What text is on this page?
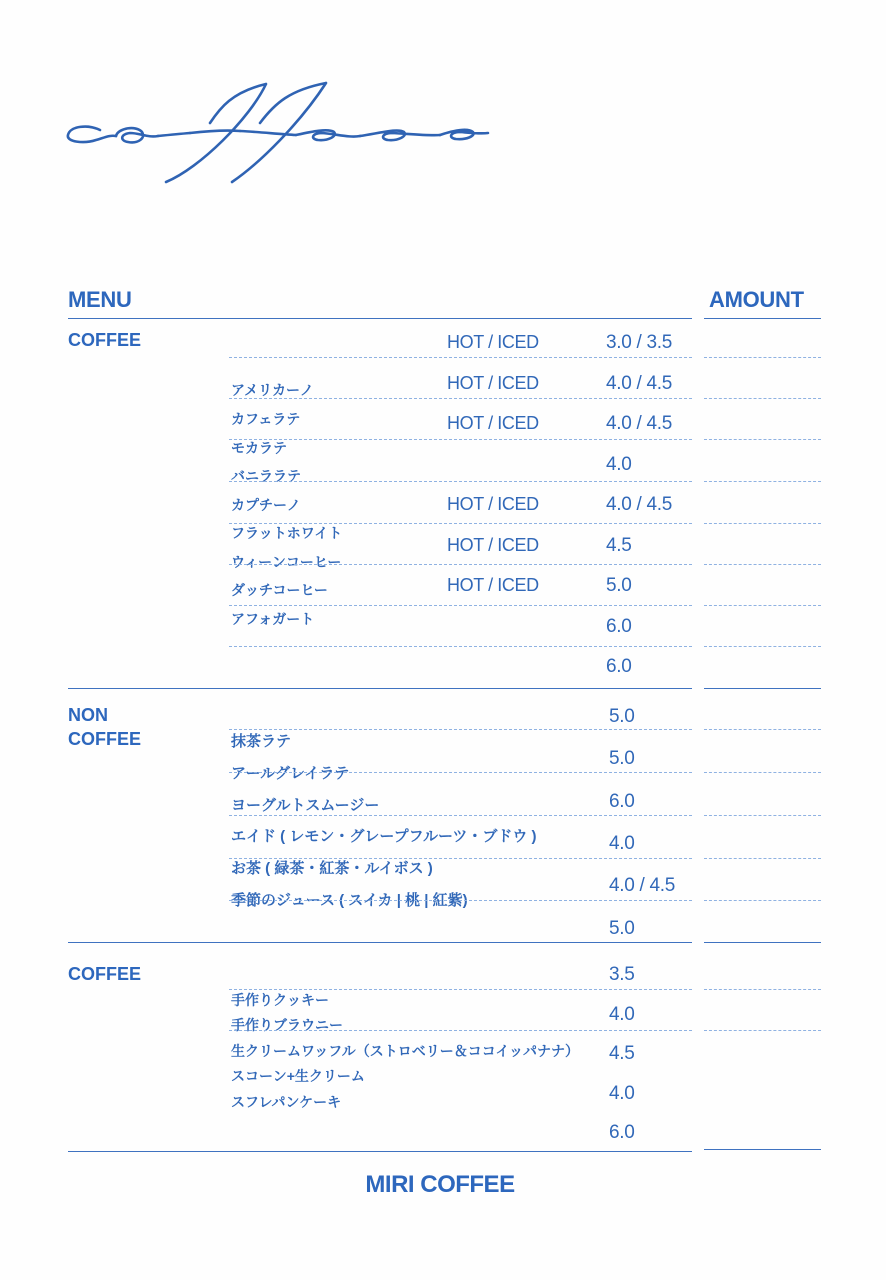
MENU	AMOUNT
COFFEE
アメリカーノ
カフェラテ
モカラテ
バニララテ
カプチーノ
フラットホワイト
ウィーンコーヒー
ダッチコーヒー
アフォガート
HOT / ICED
HOT / ICED
HOT / ICED
HOT / ICED
HOT / ICED
HOT / ICED
3.0 / 3.5
4.0 / 4.5
4.0 / 4.5
4.0
4.0 / 4.5
4.5
5.0
6.0
6.0
NON
COFFEE	抹茶ラテ
アールグレイラテ
ヨーグルトスムージー
エイド ( レモン・グレープフルーツ・ブドウ )
お茶 ( 緑茶・紅茶・ルイボス )
季節のジュース ( スイカ | 桃 | 紅紫)
5.0
5.0
6.0
4.0
4.0 / 4.5
5.0
COFFEE
手作りクッキー
手作りブラウニー
生クリームワッフル（ストロベリー＆ココイッパナナ）
スコーン+生クリーム
スフレパンケーキ
3.5
4.0
4.5
4.0
6.0
MIRI COFFEE
